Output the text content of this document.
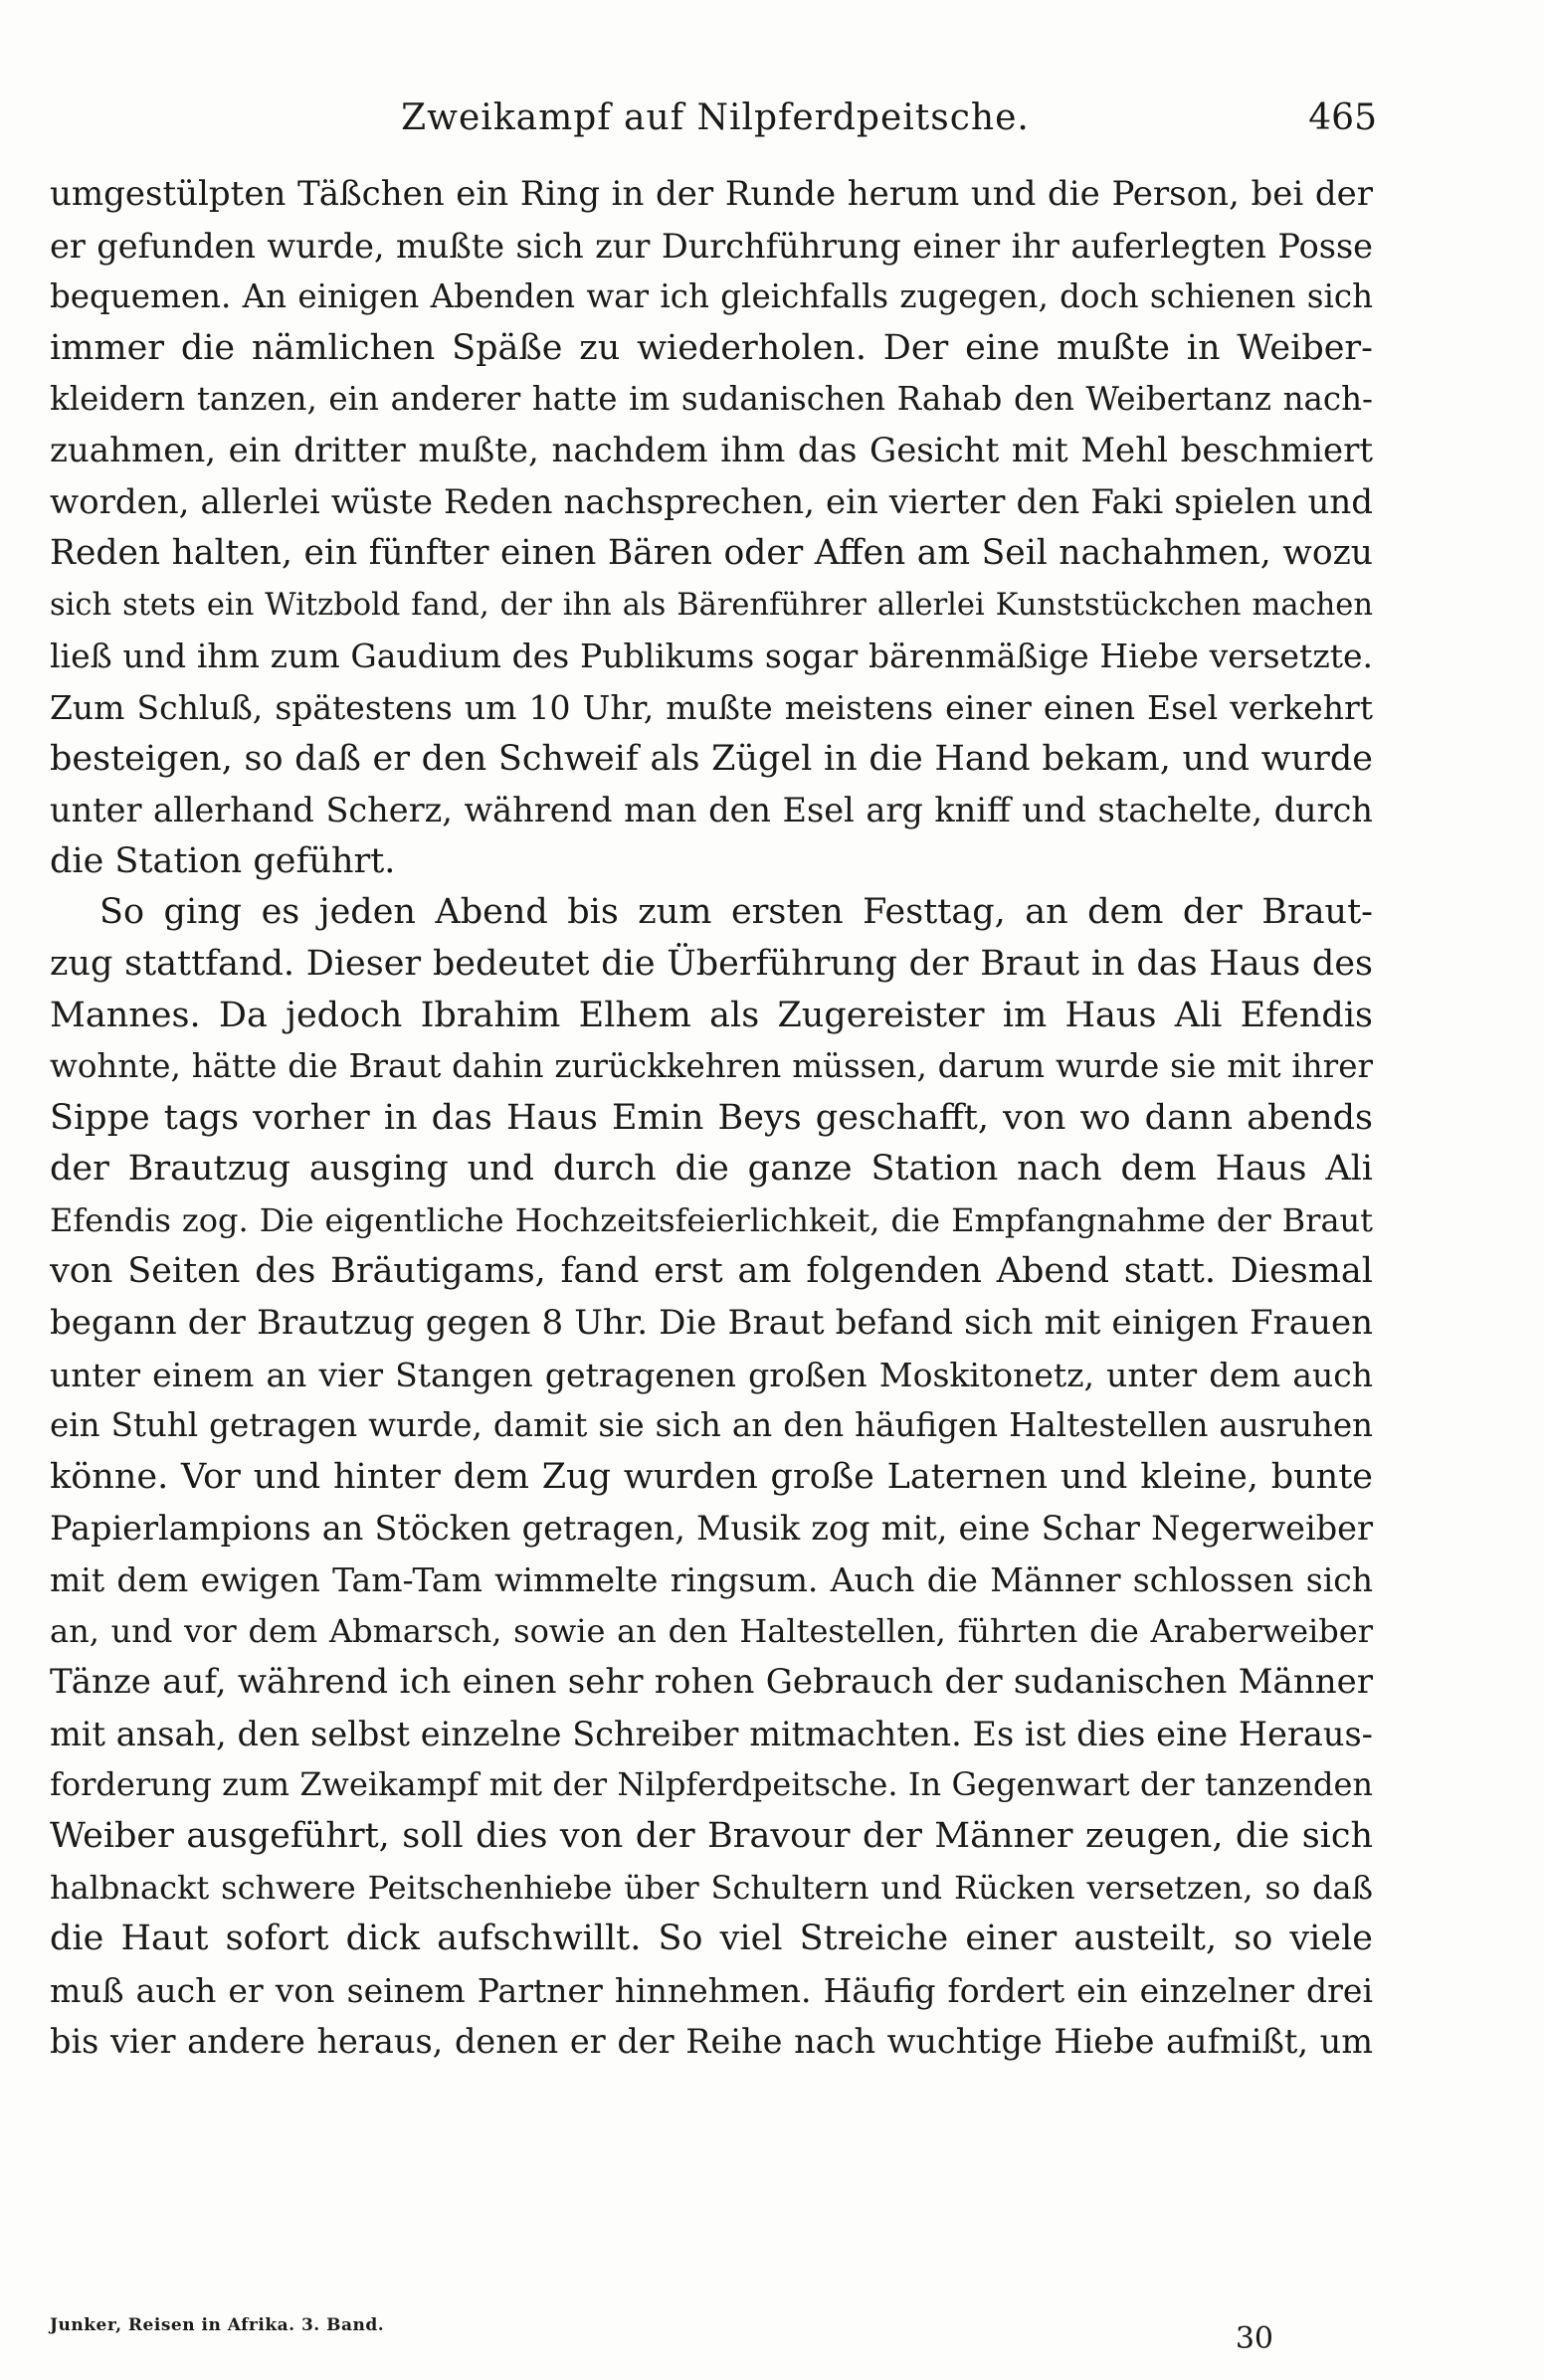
Zweikampf auf Nilpferdpeitsche.	465
umgestülpten Täßchen ein Ring in der Runde herum und die Person, bei der
er gefunden wurde, mußte sich zur Durchführung einer ihr auferlegten Posse
bequemen. An einigen Abenden war ich gleichfalls zugegen, doch schienen sich
immer die nämlichen Späße zu wiederholen. Der eine mußte in Weiber-
kleidern tanzen, ein anderer hatte im sudanischen Rahab den Weibertanz nach-
zuahmen, ein dritter mußte, nachdem ihm das Gesicht mit Mehl beschmiert
worden, allerlei wüste Reden nachsprechen, ein vierter den Faki spielen und
Reden halten, ein fünfter einen Bären oder Affen am Seil nachahmen, wozu
sich stets ein Witzbold fand, der ihn als Bärenführer allerlei Kunststückchen machen
ließ und ihm zum Gaudium des Publikums sogar bärenmäßige Hiebe versetzte.
Zum Schluß, spätestens um 10 Uhr, mußte meistens einer einen Esel verkehrt
besteigen, so daß er den Schweif als Zügel in die Hand bekam, und wurde
unter allerhand Scherz, während man den Esel arg kniff und stachelte, durch
die Station geführt.
So ging es jeden Abend bis zum ersten Festtag, an dem der Braut-
zug stattfand. Dieser bedeutet die Überführung der Braut in das Haus des
Mannes. Da jedoch Ibrahim Elhem als Zugereister im Haus Ali Efendis
wohnte, hätte die Braut dahin zurückkehren müssen, darum wurde sie mit ihrer
Sippe tags vorher in das Haus Emin Beys geschafft, von wo dann abends
der Brautzug ausging und durch die ganze Station nach dem Haus Ali
Efendis zog. Die eigentliche Hochzeitsfeierlichkeit, die Empfangnahme der Braut
von Seiten des Bräutigams, fand erst am folgenden Abend statt. Diesmal
begann der Brautzug gegen 8 Uhr. Die Braut befand sich mit einigen Frauen
unter einem an vier Stangen getragenen großen Moskitonetz, unter dem auch
ein Stuhl getragen wurde, damit sie sich an den häufigen Haltestellen ausruhen
könne. Vor und hinter dem Zug wurden große Laternen und kleine, bunte
Papierlampions an Stöcken getragen, Musik zog mit, eine Schar Negerweiber
mit dem ewigen Tam-Tam wimmelte ringsum. Auch die Männer schlossen sich
an, und vor dem Abmarsch, sowie an den Haltestellen, führten die Araberweiber
Tänze auf, während ich einen sehr rohen Gebrauch der sudanischen Männer
mit ansah, den selbst einzelne Schreiber mitmachten. Es ist dies eine Heraus-
forderung zum Zweikampf mit der Nilpferdpeitsche. In Gegenwart der tanzenden
Weiber ausgeführt, soll dies von der Bravour der Männer zeugen, die sich
halbnackt schwere Peitschenhiebe über Schultern und Rücken versetzen, so daß
die Haut sofort dick aufschwillt. So viel Streiche einer austeilt, so viele
muß auch er von seinem Partner hinnehmen. Häufig fordert ein einzelner drei
bis vier andere heraus, denen er der Reihe nach wuchtige Hiebe aufmißt, um
Junker, Reisen in Afrika. 3. Band.	30
